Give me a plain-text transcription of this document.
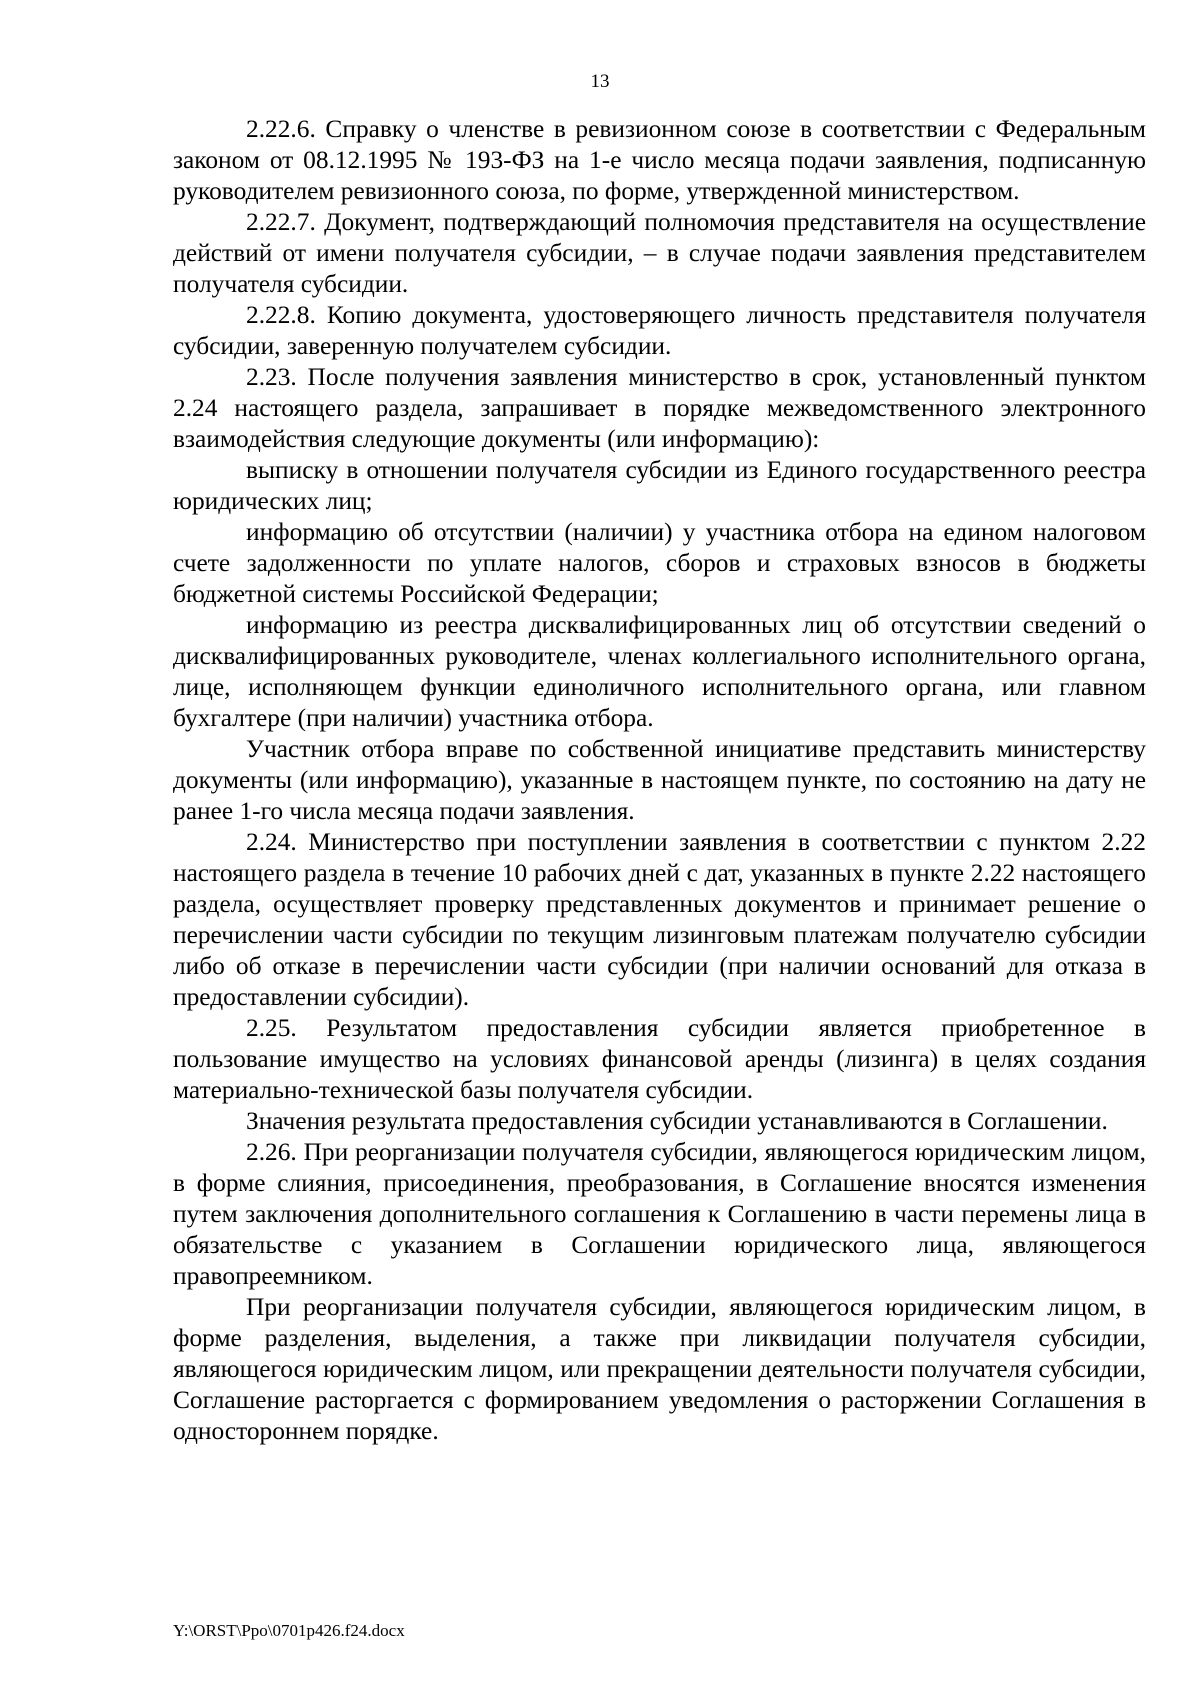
13

2.22.6. Справку о членстве в ревизионном союзе в соответствии с Федеральным законом от 08.12.1995 № 193-ФЗ на 1-е число месяца подачи заявления, подписанную руководителем ревизионного союза, по форме, утвержденной министерством.

2.22.7. Документ, подтверждающий полномочия представителя на осуществление действий от имени получателя субсидии, – в случае подачи заявления представителем получателя субсидии.

2.22.8. Копию документа, удостоверяющего личность представителя получателя субсидии, заверенную получателем субсидии.

2.23. После получения заявления министерство в срок, установленный пунктом 2.24 настоящего раздела, запрашивает в порядке межведомственного электронного взаимодействия следующие документы (или информацию):

выписку в отношении получателя субсидии из Единого государственного реестра юридических лиц;

информацию об отсутствии (наличии) у участника отбора на едином налоговом счете задолженности по уплате налогов, сборов и страховых взносов в бюджеты бюджетной системы Российской Федерации;

информацию из реестра дисквалифицированных лиц об отсутствии сведений о дисквалифицированных руководителе, членах коллегиального исполнительного органа, лице, исполняющем функции единоличного исполнительного органа, или главном бухгалтере (при наличии) участника отбора.

Участник отбора вправе по собственной инициативе представить министерству документы (или информацию), указанные в настоящем пункте, по состоянию на дату не ранее 1-го числа месяца подачи заявления.

2.24. Министерство при поступлении заявления в соответствии с пунктом 2.22 настоящего раздела в течение 10 рабочих дней с дат, указанных в пункте 2.22 настоящего раздела, осуществляет проверку представленных документов и принимает решение о перечислении части субсидии по текущим лизинговым платежам получателю субсидии либо об отказе в перечислении части субсидии (при наличии оснований для отказа в предоставлении субсидии).

2.25. Результатом предоставления субсидии является приобретенное в пользование имущество на условиях финансовой аренды (лизинга) в целях создания материально-технической базы получателя субсидии.

Значения результата предоставления субсидии устанавливаются в Соглашении.

2.26. При реорганизации получателя субсидии, являющегося юридическим лицом, в форме слияния, присоединения, преобразования, в Соглашение вносятся изменения путем заключения дополнительного соглашения к Соглашению в части перемены лица в обязательстве с указанием в Соглашении юридического лица, являющегося правопреемником.

При реорганизации получателя субсидии, являющегося юридическим лицом, в форме разделения, выделения, а также при ликвидации получателя субсидии, являющегося юридическим лицом, или прекращении деятельности получателя субсидии, Соглашение расторгается с формированием уведомления о расторжении Соглашения в одностороннем порядке.

Y:\ORST\Ppo\0701p426.f24.docx
